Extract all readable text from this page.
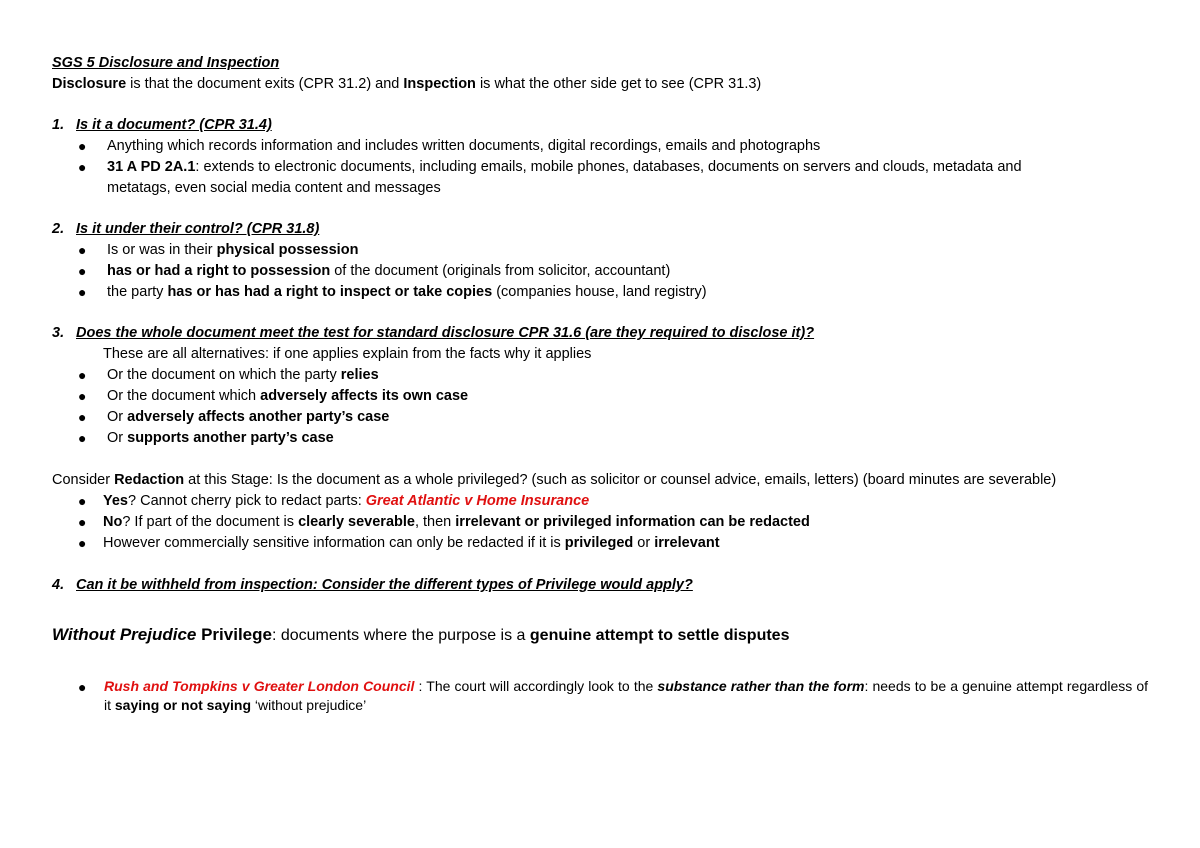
SGS 5 Disclosure and Inspection
Disclosure is that the document exits (CPR 31.2) and Inspection is what the other side get to see (CPR 31.3)
1. Is it a document? (CPR 31.4)
● Anything which records information and includes written documents, digital recordings, emails and photographs
● 31 A PD 2A.1: extends to electronic documents, including emails, mobile phones, databases, documents on servers and clouds, metadata and
metatags, even social media content and messages
2. Is it under their control? (CPR 31.8)
● Is or was in their physical possession
● has or had a right to possession of the document (originals from solicitor, accountant)
● the party has or has had a right to inspect or take copies (companies house, land registry)
3. Does the whole document meet the test for standard disclosure CPR 31.6 (are they required to disclose it)?
These are all alternatives: if one applies explain from the facts why it applies
● Or the document on which the party relies
● Or the document which adversely affects its own case
● Or adversely affects another party’s case
● Or supports another party’s case
Consider Redaction at this Stage: Is the document as a whole privileged? (such as solicitor or counsel advice, emails, letters) (board minutes are severable)
● Yes? Cannot cherry pick to redact parts: Great Atlantic v Home Insurance
● No? If part of the document is clearly severable, then irrelevant or privileged information can be redacted
● However commercially sensitive information can only be redacted if it is privileged or irrelevant
4. Can it be withheld from inspection: Consider the different types of Privilege would apply?
Without Prejudice Privilege: documents where the purpose is a genuine attempt to settle disputes
● Rush and Tompkins v Greater London Council : The court will accordingly look to the substance rather than the form: needs to be a genuine attempt regardless of it saying or not saying ‘without prejudice’
